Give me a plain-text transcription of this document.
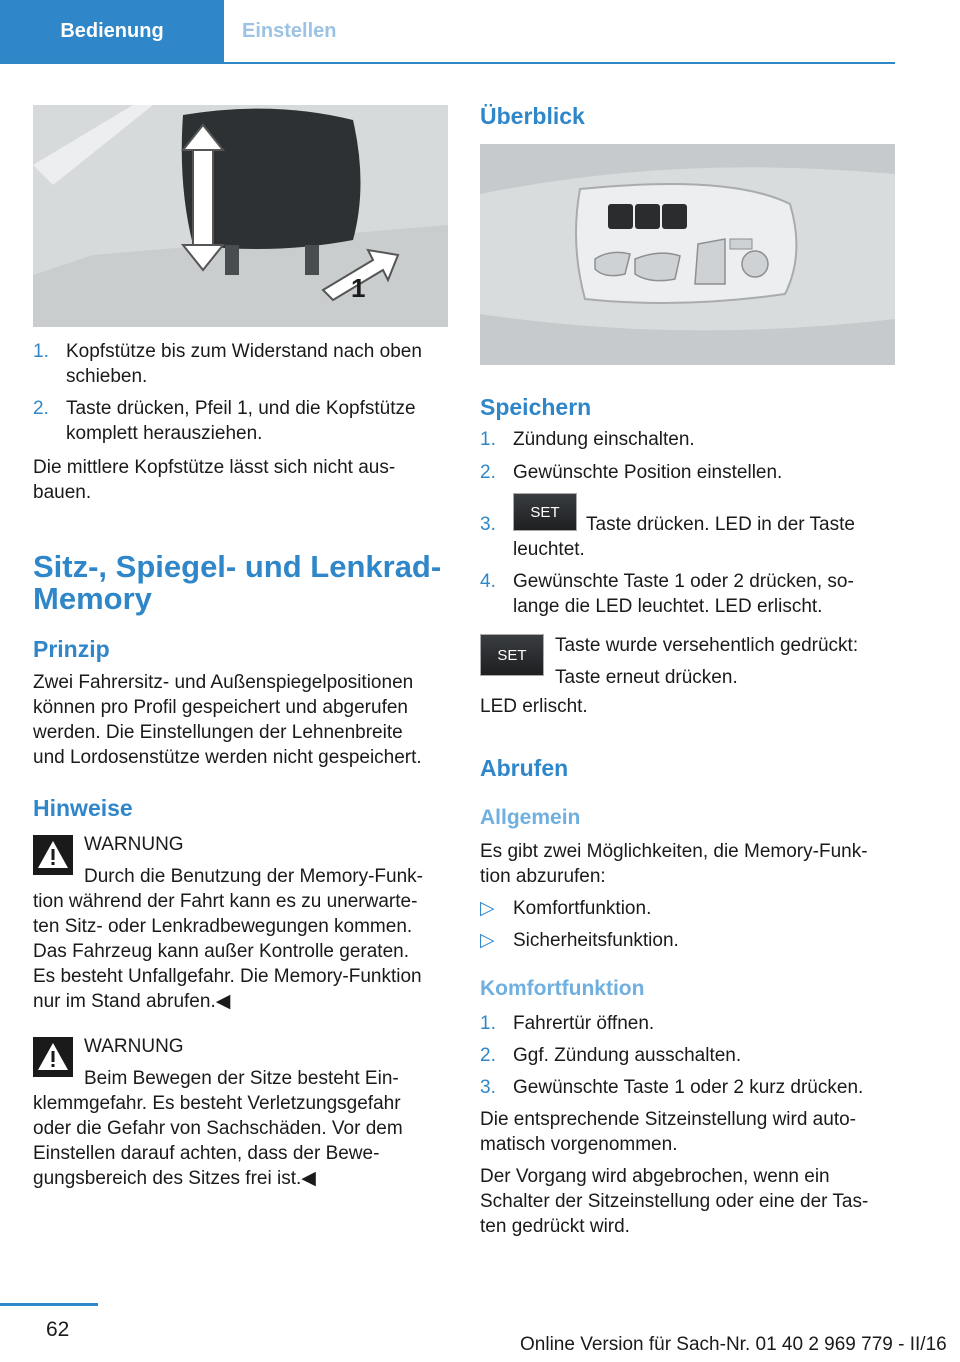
Bedienung	Einstellen
1
1. Kopfstütze bis zum Widerstand nach oben
schieben.
2. Taste drücken, Pfeil 1, und die Kopfstütze
komplett herausziehen.
Die mittlere Kopfstütze lässt sich nicht aus-
bauen.
Sitz-, Spiegel- und Lenkrad-
Memory
Prinzip
Zwei Fahrersitz- und Außenspiegelpositionen
können pro Profil gespeichert und abgerufen
werden. Die Einstellungen der Lehnenbreite
und Lordosenstütze werden nicht gespeichert.
Hinweise
WARNUNG
Durch die Benutzung der Memory-Funk-
tion während der Fahrt kann es zu unerwarte-
ten Sitz- oder Lenkradbewegungen kommen.
Das Fahrzeug kann außer Kontrolle geraten.
Es besteht Unfallgefahr. Die Memory-Funktion
nur im Stand abrufen.◀
WARNUNG
Beim Bewegen der Sitze besteht Ein-
klemmgefahr. Es besteht Verletzungsgefahr
oder die Gefahr von Sachschäden. Vor dem
Einstellen darauf achten, dass der Bewe-
gungsbereich des Sitzes frei ist.◀
Überblick
Speichern
1. Zündung einschalten.
2. Gewünschte Position einstellen.
SET
3.	Taste drücken. LED in der Taste
leuchtet.
4. Gewünschte Taste 1 oder 2 drücken, so-
lange die LED leuchtet. LED erlischt.
SET	Taste wurde versehentlich gedrückt:
Taste erneut drücken.
LED erlischt.
Abrufen
Allgemein
Es gibt zwei Möglichkeiten, die Memory-Funk-
tion abzurufen:
▷ Komfortfunktion.
▷ Sicherheitsfunktion.
Komfortfunktion
1. Fahrertür öffnen.
2. Ggf. Zündung ausschalten.
3. Gewünschte Taste 1 oder 2 kurz drücken.
Die entsprechende Sitzeinstellung wird auto-
matisch vorgenommen.
Der Vorgang wird abgebrochen, wenn ein
Schalter der Sitzeinstellung oder eine der Tas-
ten gedrückt wird.
62
Online Version für Sach-Nr. 01 40 2 969 779 - II/16
